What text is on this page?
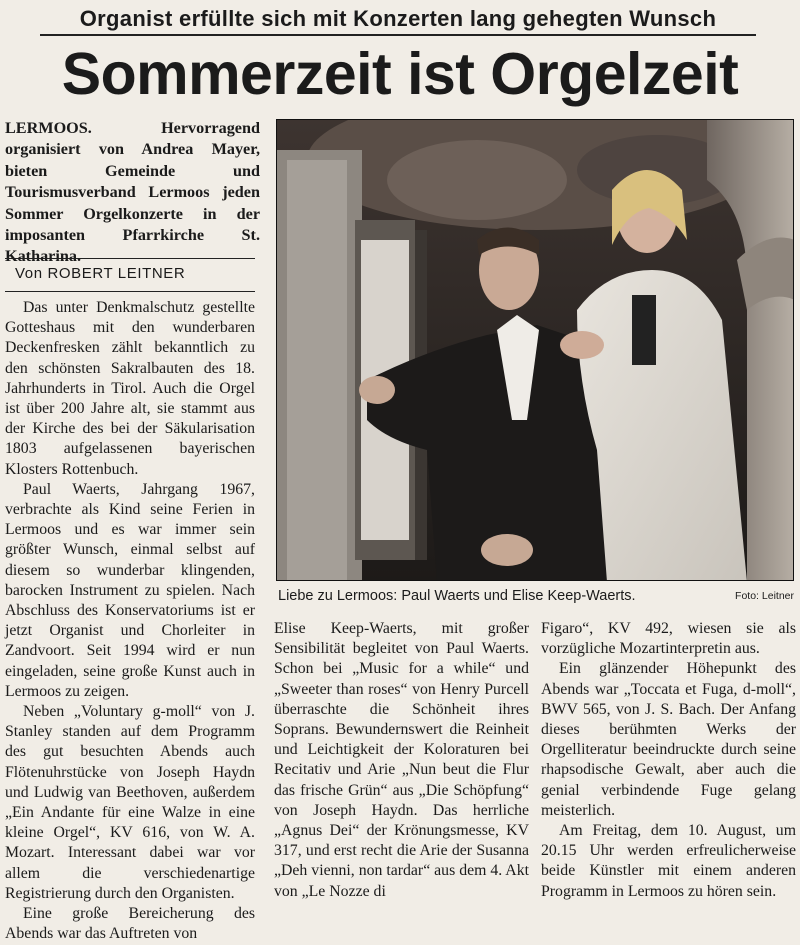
Organist erfüllte sich mit Konzerten lang gehegten Wunsch
Sommerzeit ist Orgelzeit

LERMOOS. Hervorragend organisiert von Andrea Mayer, bieten Gemeinde und Tourismusverband Lermoos jeden Sommer Orgelkonzerte in der imposanten Pfarrkirche St. Katharina.

Von ROBERT LEITNER

Das unter Denkmalschutz gestellte Gotteshaus mit den wunderbaren Deckenfresken zählt bekanntlich zu den schönsten Sakralbauten des 18. Jahrhunderts in Tirol. Auch die Orgel ist über 200 Jahre alt, sie stammt aus der Kirche des bei der Säkularisation 1803 aufgelassenen bayerischen Klosters Rottenbuch.

Paul Waerts, Jahrgang 1967, verbrachte als Kind seine Ferien in Lermoos und es war immer sein größter Wunsch, einmal selbst auf diesem so wunderbar klingenden, barocken Instrument zu spielen. Nach Abschluss des Konservatoriums ist er jetzt Organist und Chorleiter in Zandvoort. Seit 1994 wird er nun eingeladen, seine große Kunst auch in Lermoos zu zeigen.

Neben „Voluntary g-moll“ von J. Stanley standen auf dem Programm des gut besuchten Abends auch Flötenuhrstücke von Joseph Haydn und Ludwig van Beethoven, außerdem „Ein Andante für eine Walze in eine kleine Orgel“, KV 616, von W. A. Mozart. Interessant dabei war vor allem die verschiedenartige Registrierung durch den Organisten.

Eine große Bereicherung des Abends war das Auftreten von

Liebe zu Lermoos: Paul Waerts und Elise Keep-Waerts.	Foto: Leitner

Elise Keep-Waerts, mit großer Sensibilität begleitet von Paul Waerts. Schon bei „Music for a while“ und „Sweeter than roses“ von Henry Purcell überraschte die Schönheit ihres Soprans. Bewundernswert die Reinheit und Leichtigkeit der Koloraturen bei Recitativ und Arie „Nun beut die Flur das frische Grün“ aus „Die Schöpfung“ von Joseph Haydn. Das herrliche „Agnus Dei“ der Krönungsmesse, KV 317, und erst recht die Arie der Susanna „Deh vienni, non tardar“ aus dem 4. Akt von „Le Nozze di

Figaro“, KV 492, wiesen sie als vorzügliche Mozartinterpretin aus.

Ein glänzender Höhepunkt des Abends war „Toccata et Fuga, d-moll“, BWV 565, von J. S. Bach. Der Anfang dieses berühmten Werks der Orgelliteratur beeindruckte durch seine rhapsodische Gewalt, aber auch die genial verbindende Fuge gelang meisterlich.

Am Freitag, dem 10. August, um 20.15 Uhr werden erfreulicherweise beide Künstler mit einem anderen Programm in Lermoos zu hören sein.
